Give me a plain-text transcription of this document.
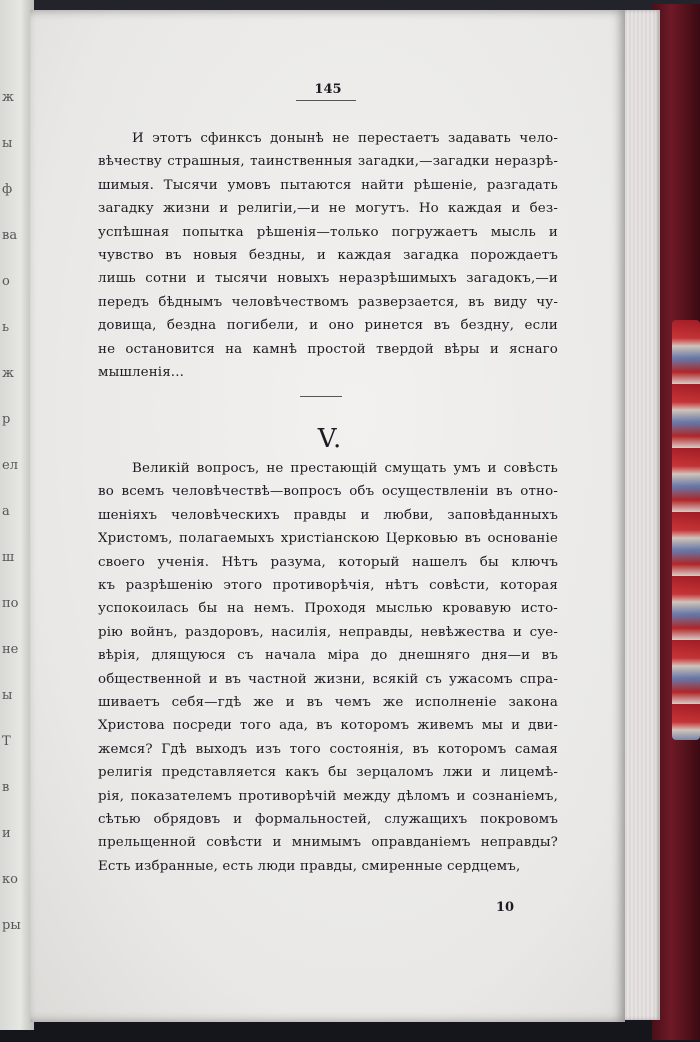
ж
ы
ф
ва
о
ь
ж
р
ел
а
ш
по
не
ы
Т
в
и
ко
ры
145
И этотъ сфинксъ донынѣ не перестаетъ задавать чело-
вѣчеству страшныя, таинственныя загадки,—загадки неразрѣ-
шимыя. Тысячи умовъ пытаются найти рѣшеніе, разгадать
загадку жизни и религіи,—и не могутъ. Но каждая и без-
успѣшная попытка рѣшенія—только погружаетъ мысль и
чувство въ новыя бездны, и каждая загадка порождаетъ
лишь сотни и тысячи новыхъ неразрѣшимыхъ загадокъ,—и
передъ бѣднымъ человѣчествомъ разверзается, въ виду чу-
довища, бездна погибели, и оно ринется въ бездну, если
не остановится на камнѣ простой твердой вѣры и яснаго
мышленія...
V.
Великій вопросъ, не престающій смущать умъ и совѣсть
во всемъ человѣчествѣ—вопросъ объ осуществленіи въ отно-
шеніяхъ человѣческихъ правды и любви, заповѣданныхъ
Христомъ, полагаемыхъ христіанскою Церковью въ основаніе
своего ученія. Нѣтъ разума, который нашелъ бы ключъ
къ разрѣшенію этого противорѣчія, нѣтъ совѣсти, которая
успокоилась бы на немъ. Проходя мыслью кровавую исто-
рію войнъ, раздоровъ, насилія, неправды, невѣжества и суе-
вѣрія, длящуюся съ начала міра до днешняго дня—и въ
общественной и въ частной жизни, всякій съ ужасомъ спра-
шиваетъ себя—гдѣ же и въ чемъ же исполненіе закона
Христова посреди того ада, въ которомъ живемъ мы и дви-
жемся? Гдѣ выходъ изъ того состоянія, въ которомъ самая
религія представляется какъ бы зерцаломъ лжи и лицемѣ-
рія, показателемъ противорѣчій между дѣломъ и сознаніемъ,
сѣтью обрядовъ и формальностей, служащихъ покровомъ
прельщенной совѣсти и мнимымъ оправданіемъ неправды?
Есть избранные, есть люди правды, смиренные сердцемъ,
10
